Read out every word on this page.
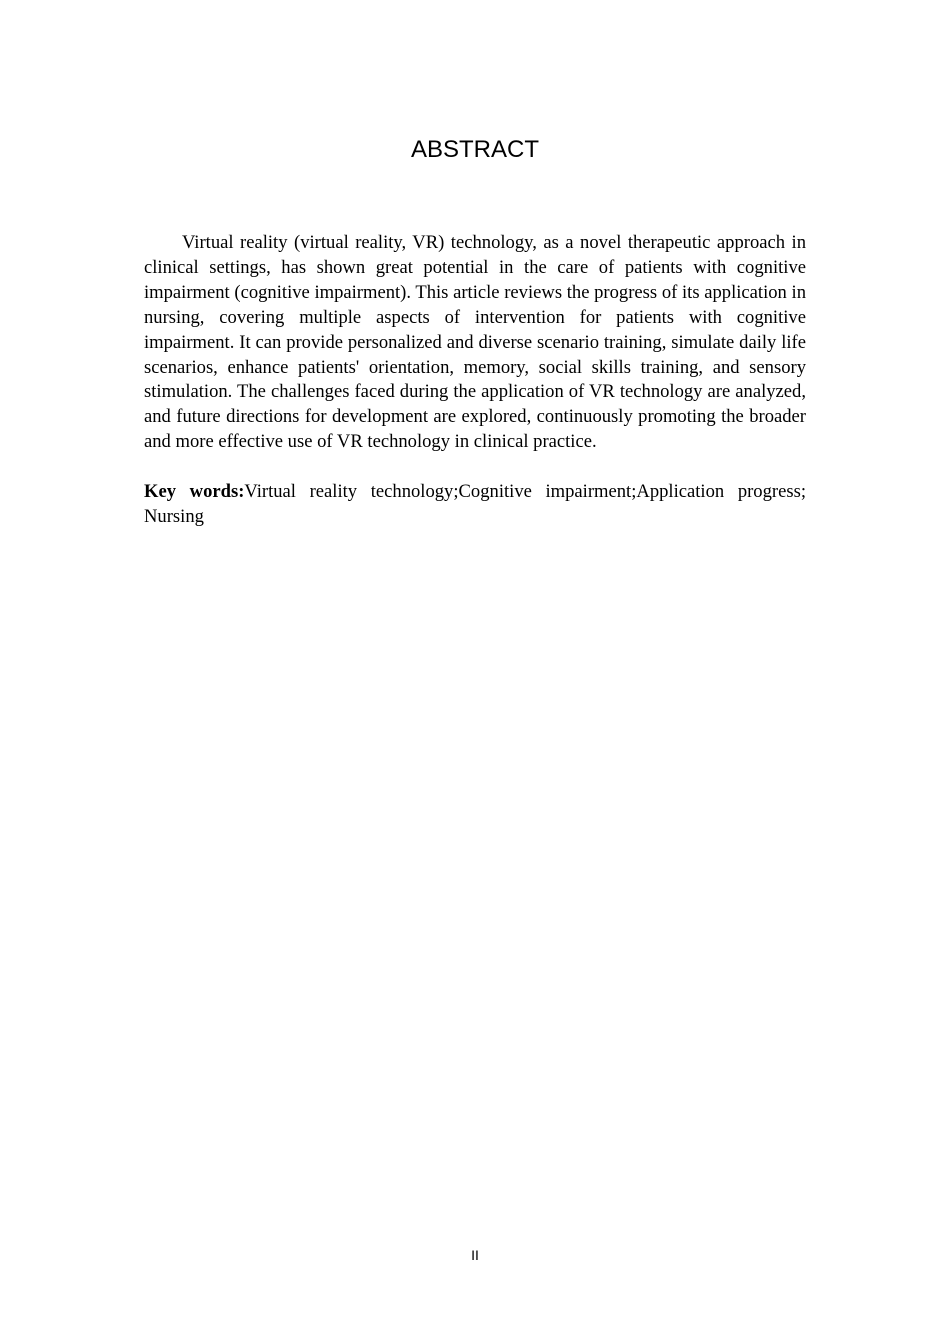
ABSTRACT

Virtual reality (virtual reality, VR) technology, as a novel therapeutic approach in clinical settings, has shown great potential in the care of patients with cognitive impairment (cognitive impairment). This article reviews the progress of its application in nursing, covering multiple aspects of intervention for patients with cognitive impairment. It can provide personalized and diverse scenario training, simulate daily life scenarios, enhance patients' orientation, memory, social skills training, and sensory stimulation. The challenges faced during the application of VR technology are analyzed, and future directions for development are explored, continuously promoting the broader and more effective use of VR technology in clinical practice.

Key words:Virtual reality technology;Cognitive impairment;Application progress; Nursing

II
